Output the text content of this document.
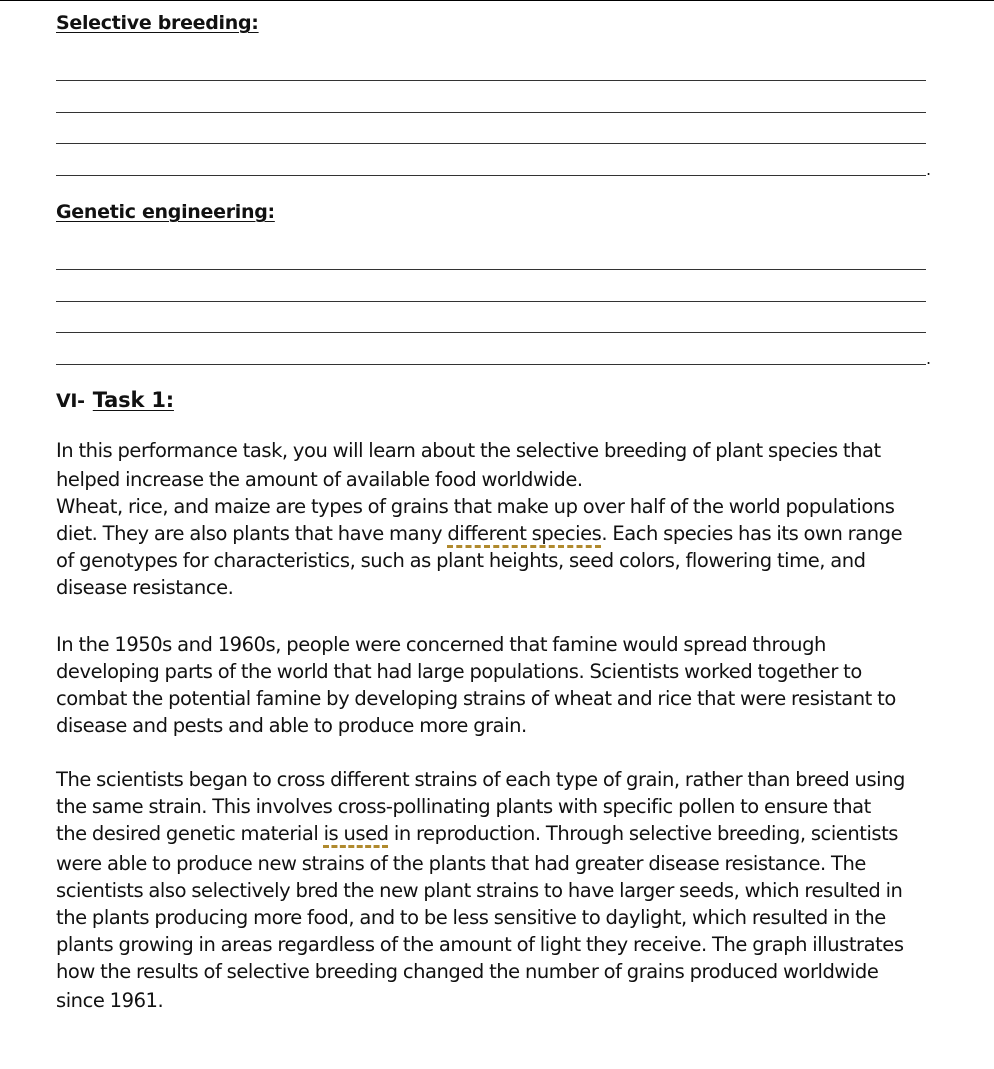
Selective breeding:
.
Genetic engineering:
.
VI- Task 1:
In this performance task, you will learn about the selective breeding of plant species that
helped increase the amount of available food worldwide.
Wheat, rice, and maize are types of grains that make up over half of the world populations
diet. They are also plants that have many different species. Each species has its own range
of genotypes for characteristics, such as plant heights, seed colors, flowering time, and
disease resistance.
In the 1950s and 1960s, people were concerned that famine would spread through
developing parts of the world that had large populations. Scientists worked together to
combat the potential famine by developing strains of wheat and rice that were resistant to
disease and pests and able to produce more grain.
The scientists began to cross different strains of each type of grain, rather than breed using
the same strain. This involves cross-pollinating plants with specific pollen to ensure that
the desired genetic material is used in reproduction. Through selective breeding, scientists
were able to produce new strains of the plants that had greater disease resistance. The
scientists also selectively bred the new plant strains to have larger seeds, which resulted in
the plants producing more food, and to be less sensitive to daylight, which resulted in the
plants growing in areas regardless of the amount of light they receive. The graph illustrates
how the results of selective breeding changed the number of grains produced worldwide
since 1961.
